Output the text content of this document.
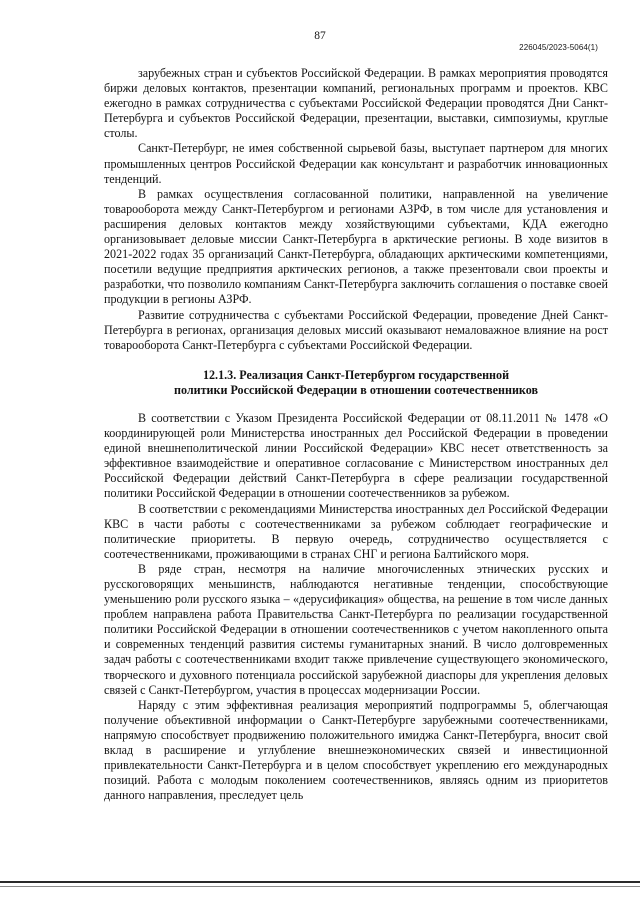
87
226045/2023-5064(1)

зарубежных стран и субъектов Российской Федерации. В рамках мероприятия проводятся биржи деловых контактов, презентации компаний, региональных программ и проектов. КВС ежегодно в рамках сотрудничества с субъектами Российской Федерации проводятся Дни Санкт-Петербурга и субъектов Российской Федерации, презентации, выставки, симпозиумы, круглые столы.

Санкт-Петербург, не имея собственной сырьевой базы, выступает партнером для многих промышленных центров Российской Федерации как консультант и разработчик инновационных тенденций.

В рамках осуществления согласованной политики, направленной на увеличение товарооборота между Санкт-Петербургом и регионами АЗРФ, в том числе для установления и расширения деловых контактов между хозяйствующими субъектами, КДА ежегодно организовывает деловые миссии Санкт-Петербурга в арктические регионы. В ходе визитов в 2021-2022 годах 35 организаций Санкт-Петербурга, обладающих арктическими компетенциями, посетили ведущие предприятия арктических регионов, а также презентовали свои проекты и разработки, что позволило компаниям Санкт-Петербурга заключить соглашения о поставке своей продукции в регионы АЗРФ.

Развитие сотрудничества с субъектами Российской Федерации, проведение Дней Санкт-Петербурга в регионах, организация деловых миссий оказывают немаловажное влияние на рост товарооборота Санкт-Петербурга с субъектами Российской Федерации.

12.1.3. Реализация Санкт-Петербургом государственной
политики Российской Федерации в отношении соотечественников

В соответствии с Указом Президента Российской Федерации от 08.11.2011 № 1478 «О координирующей роли Министерства иностранных дел Российской Федерации в проведении единой внешнеполитической линии Российской Федерации» КВС несет ответственность за эффективное взаимодействие и оперативное согласование с Министерством иностранных дел Российской Федерации действий Санкт-Петербурга в сфере реализации государственной политики Российской Федерации в отношении соотечественников за рубежом.

В соответствии с рекомендациями Министерства иностранных дел Российской Федерации КВС в части работы с соотечественниками за рубежом соблюдает географические и политические приоритеты. В первую очередь, сотрудничество осуществляется с соотечественниками, проживающими в странах СНГ и региона Балтийского моря.

В ряде стран, несмотря на наличие многочисленных этнических русских и русскоговорящих меньшинств, наблюдаются негативные тенденции, способствующие уменьшению роли русского языка – «дерусификация» общества, на решение в том числе данных проблем направлена работа Правительства Санкт-Петербурга по реализации государственной политики Российской Федерации в отношении соотечественников с учетом накопленного опыта и современных тенденций развития системы гуманитарных знаний. В число долговременных задач работы с соотечественниками входит также привлечение существующего экономического, творческого и духовного потенциала российской зарубежной диаспоры для укрепления деловых связей с Санкт-Петербургом, участия в процессах модернизации России.

Наряду с этим эффективная реализация мероприятий подпрограммы 5, облегчающая получение объективной информации о Санкт-Петербурге зарубежными соотечественниками, напрямую способствует продвижению положительного имиджа Санкт-Петербурга, вносит свой вклад в расширение и углубление внешнеэкономических связей и инвестиционной привлекательности Санкт-Петербурга и в целом способствует укреплению его международных позиций. Работа с молодым поколением соотечественников, являясь одним из приоритетов данного направления, преследует цель
